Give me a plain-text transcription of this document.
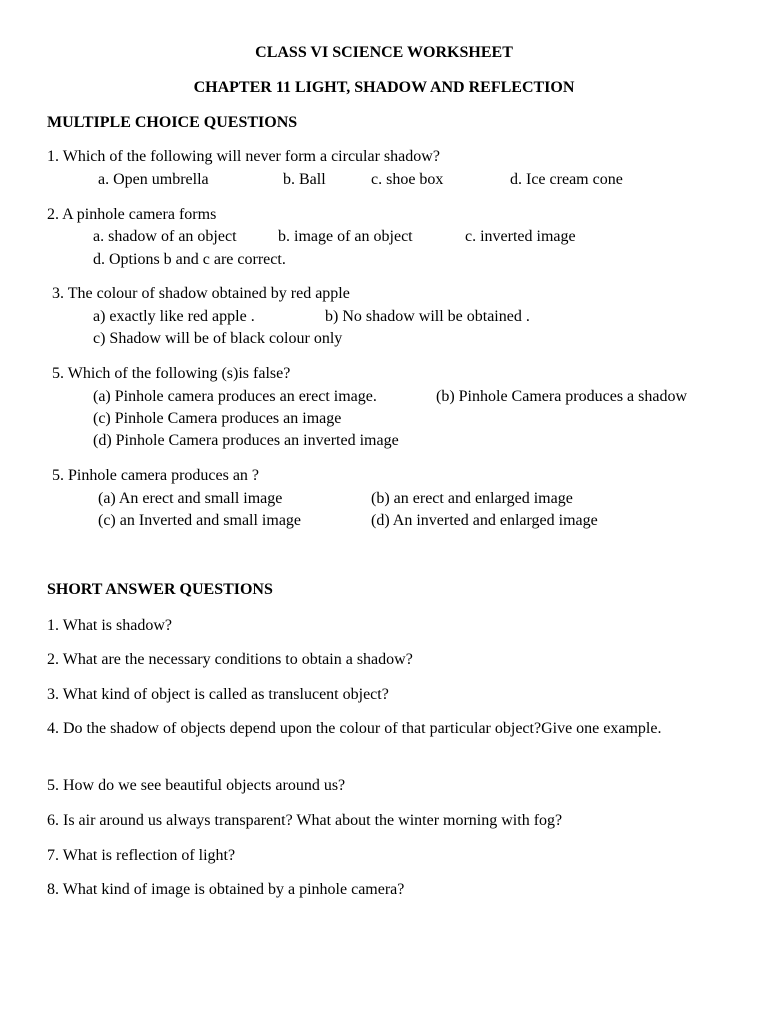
CLASS VI SCIENCE WORKSHEET
CHAPTER 11 LIGHT, SHADOW AND REFLECTION
MULTIPLE CHOICE QUESTIONS
1. Which of the following will never form a circular shadow?
a. Open umbrella	b. Ball	c. shoe box	d. Ice cream cone
2. A pinhole camera forms
a. shadow of an object	b. image of an object	c. inverted image
d. Options b and c are correct.
3. The colour of shadow obtained by red apple
a) exactly like red apple .	b) No shadow will be obtained .
c) Shadow will be of black colour only
5. Which of the following (s)is false?
(a) Pinhole camera produces an erect image.	(b) Pinhole Camera produces a shadow
(c) Pinhole Camera produces an image
(d) Pinhole Camera produces an inverted image
5. Pinhole camera produces an ?
(a) An erect and small image	(b) an erect and enlarged image
(c) an Inverted and small image	(d) An inverted and enlarged image
SHORT ANSWER QUESTIONS
1. What is shadow?
2. What are the necessary conditions to obtain a shadow?
3. What kind of object is called as translucent object?
4. Do the shadow of objects depend upon the colour of that particular object?Give one example.
5. How do we see beautiful objects around us?
6. Is air around us always transparent? What about the winter morning with fog?
7. What is reflection of light?
8. What kind of image is obtained by a pinhole camera?
